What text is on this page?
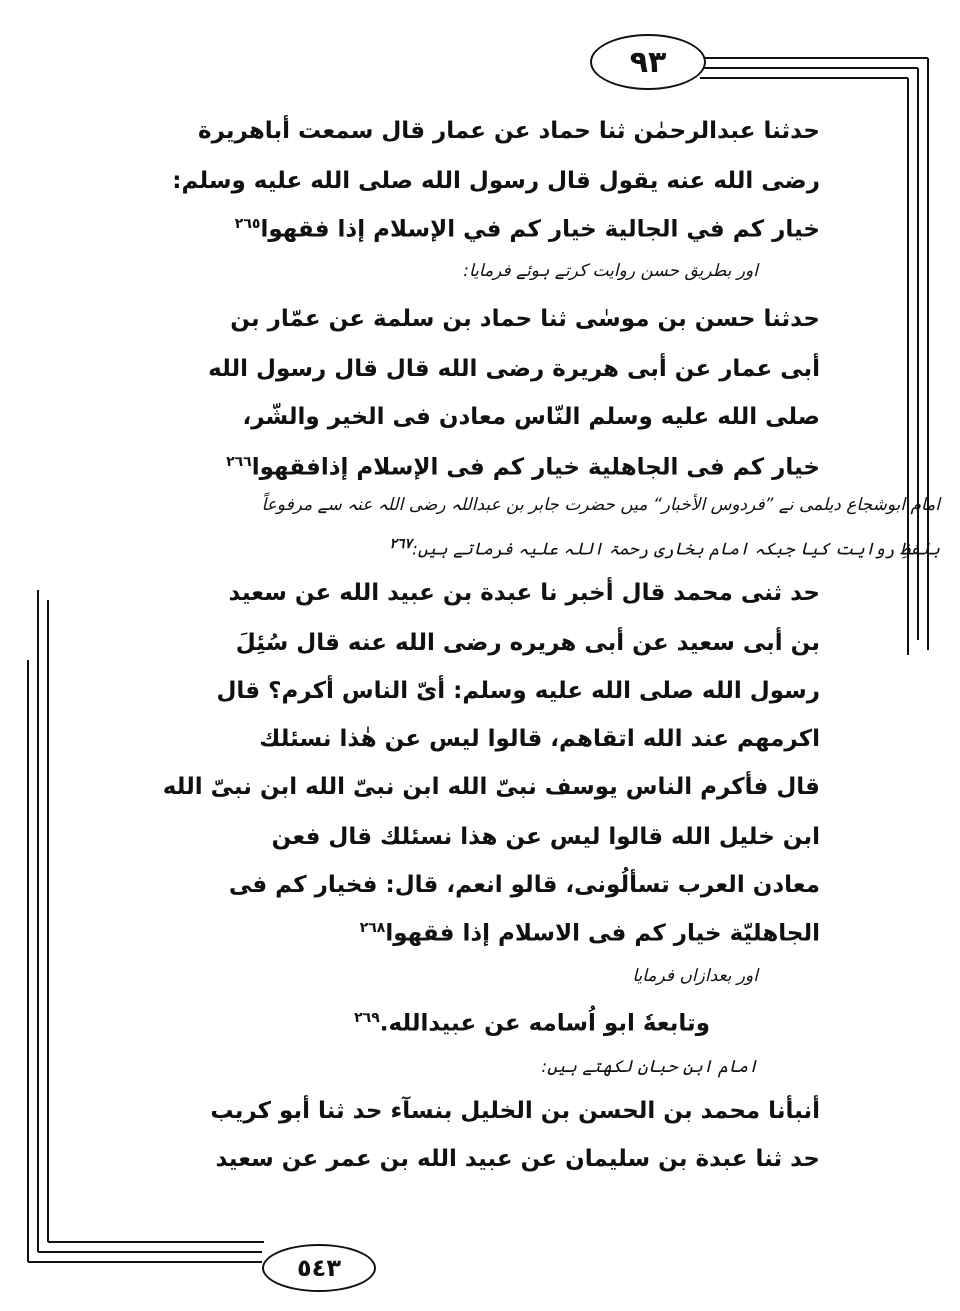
٩٣
٥٤٣
حدثنا عبدالرحمٰن ثنا حماد عن عمار قال سمعت أباهريرة
رضی الله عنه يقول قال رسول الله صلى الله عليه وسلم:
خيار كم في الجالية خيار كم في الإسلام إذا فقهوا$^{٢٦٥}$
اور بطریق حسن روایت کرتے ہوئے فرمایا:
حدثنا حسن بن موسٰى ثنا حماد بن سلمة عن عمّار بن
أبى عمار عن أبى هريرة رضى الله قال قال رسول الله
صلى الله عليه وسلم النّاس معادن فى الخير والشّر،
خيار كم فى الجاهلية خيار كم فى الإسلام إذافقهوا$^{٢٦٦}$
امام ابوشجاع دیلمی نے ”فردوس الأخبار“ میں حضرت جابر بن عبداللہ رضی اللہ عنہ سے مرفوعاً
بلفظِ روایت کیا جبکہ امام بخاری رحمۃ اللہ علیہ فرماتے ہیں:$^{٢٦٧}$
حد ثنى محمد قال أخبر نا عبدة بن عبيد الله عن سعيد
بن أبى سعيد عن أبى هريره رضى الله عنه قال سُئِلَ
رسول الله صلى الله عليه وسلم: أىّ الناس أكرم؟ قال
اكرمهم عند الله اتقاهم، قالوا ليس عن هٰذا نسئلك
قال فأكرم الناس يوسف نبىّ الله ابن نبىّ الله ابن نبىّ الله
ابن خليل الله قالوا ليس عن هذا نسئلك قال فعن
معادن العرب تسألُونى، قالو انعم، قال: فخيار كم فى
الجاهليّة خيار كم فى الاسلام إذا فقهوا$^{٢٦٨}$
اور بعدازاں فرمایا
وتابعهٗ ابو اُسامه عن عبيدالله.$^{٢٦٩}$
امام ابن حبان لکھتے ہیں:
أنبأنا محمد بن الحسن بن الخليل بنسآء حد ثنا أبو كريب
حد ثنا عبدة بن سليمان عن عبيد الله بن عمر عن سعيد
